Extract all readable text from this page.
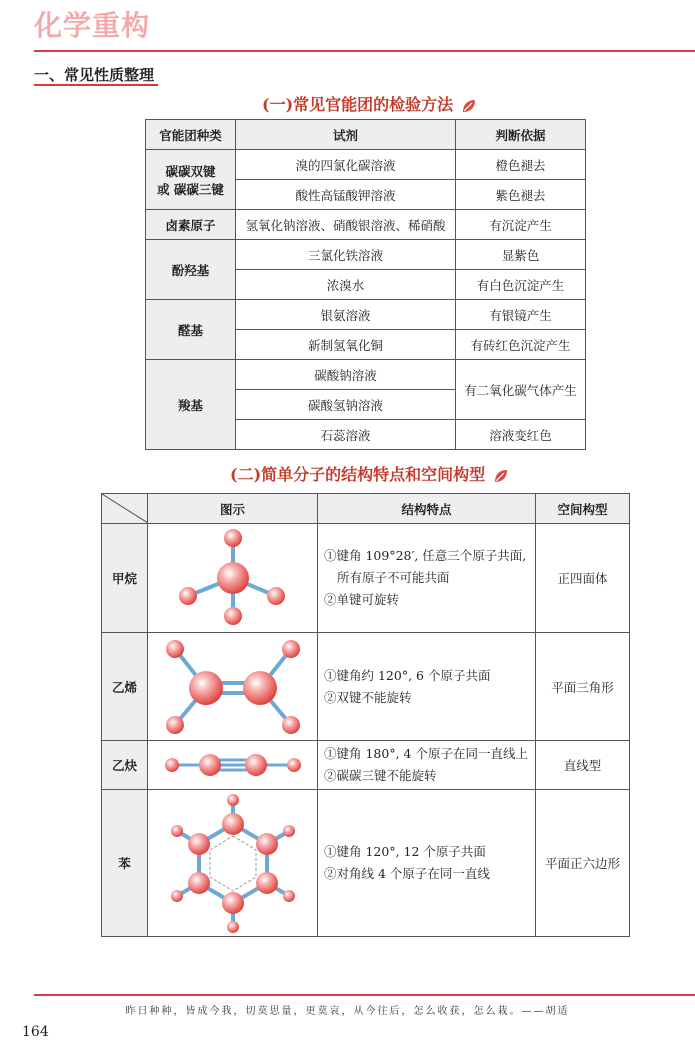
化学重构
一、常见性质整理
(一)常见官能团的检验方法
官能团种类	试剂	判断依据
碳碳双键
或 碳碳三键	溴的四氯化碳溶液	橙色褪去
	酸性高锰酸钾溶液	紫色褪去
卤素原子	氢氧化钠溶液、硝酸银溶液、稀硝酸	有沉淀产生
酚羟基	三氯化铁溶液	显紫色
	浓溴水	有白色沉淀产生
醛基	银氨溶液	有银镜产生
	新制氢氧化铜	有砖红色沉淀产生
羧基	碳酸钠溶液	有二氧化碳气体产生
	碳酸氢钠溶液	
	石蕊溶液	溶液变红色
(二)简单分子的结构特点和空间构型
	图示	结构特点	空间构型
甲烷		①键角 109°28′, 任意三个原子共面,
所有原子不可能共面
②单键可旋转	正四面体
乙烯		①键角约 120°, 6 个原子共面
②双键不能旋转	平面三角形
乙炔		①键角 180°, 4 个原子在同一直线上
②碳碳三键不能旋转	直线型
苯		①键角 120°, 12 个原子共面
②对角线 4 个原子在同一直线	平面正六边形
昨日种种，皆成今我，切莫思量，更莫哀，从今往后，怎么收获，怎么栽。——胡适
164
